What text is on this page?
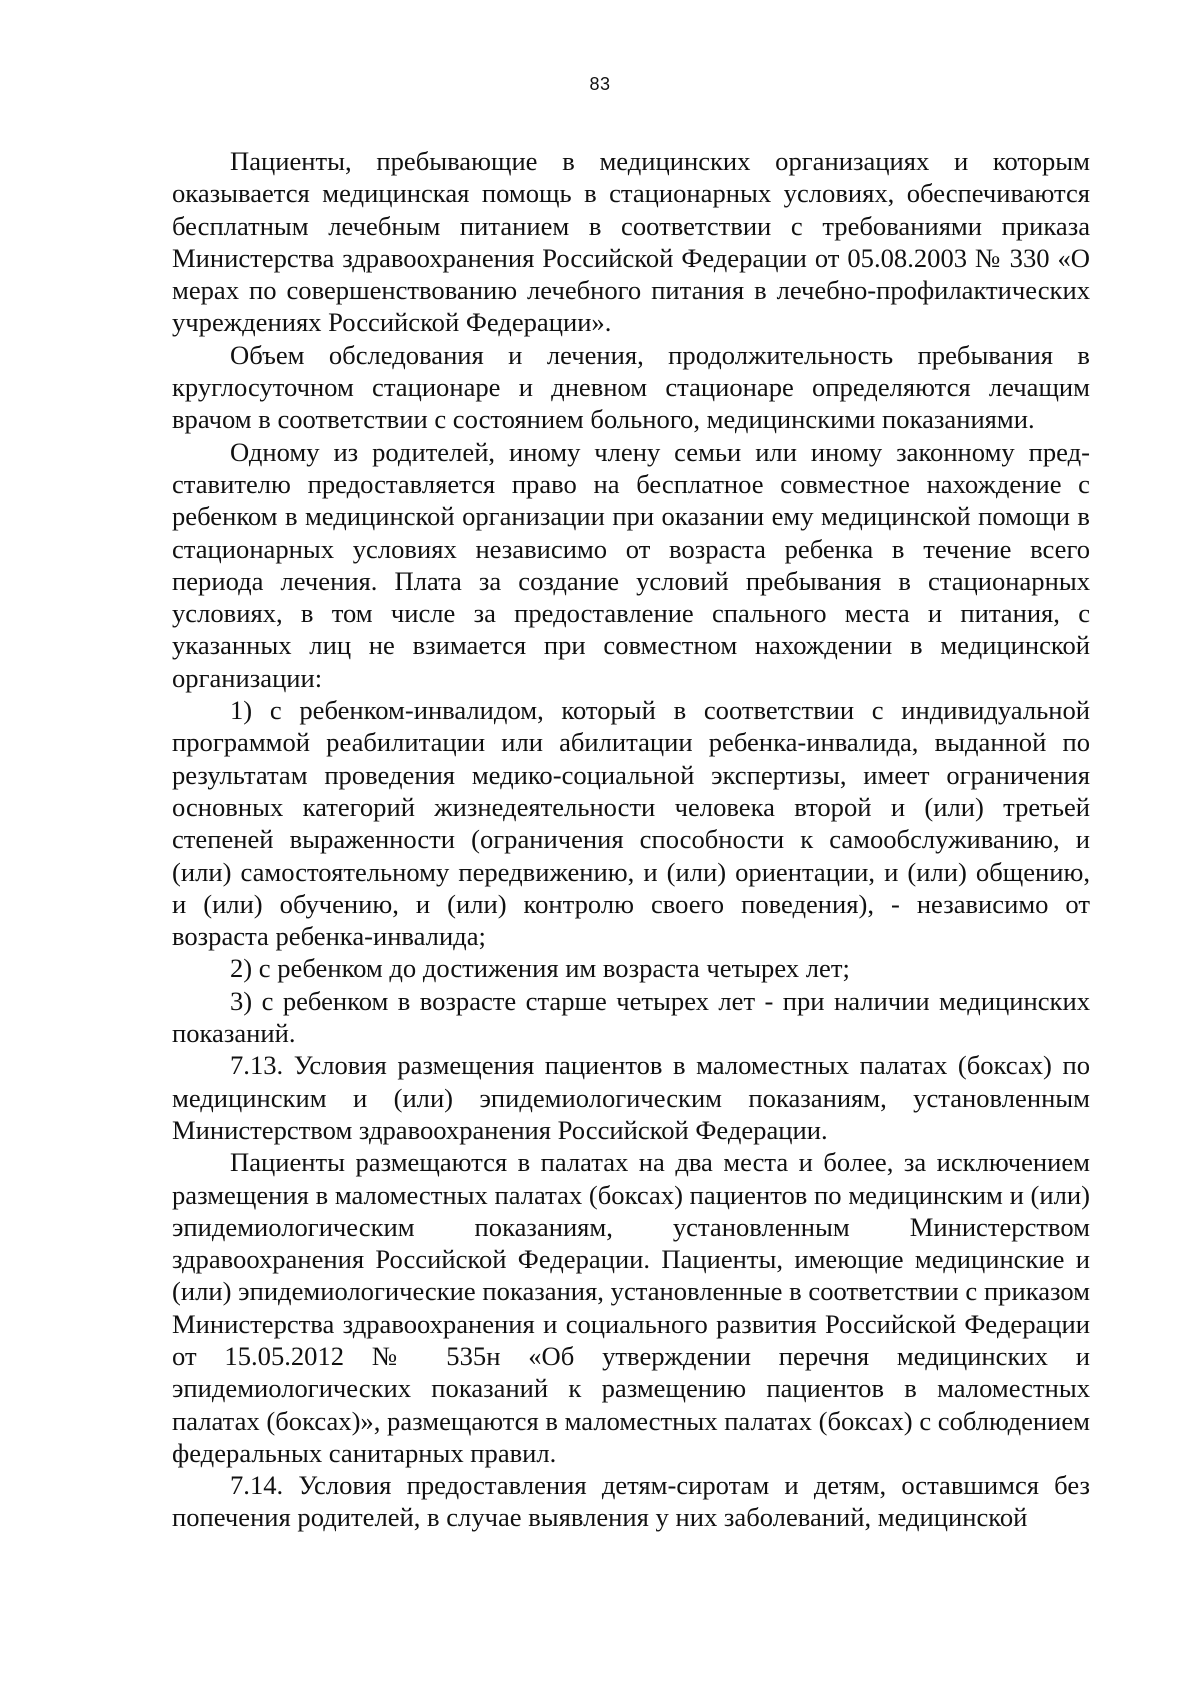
83

Пациенты, пребывающие в медицинских организациях и которым оказывается медицинская помощь в стационарных условиях, обеспечиваются бесплатным лечебным питанием в соответствии с требованиями приказа Министерства здравоохранения Российской Федерации от 05.08.2003 № 330 «О мерах по совершенствованию лечебного питания в лечебно-профилактических учреждениях Российской Федерации».

Объем обследования и лечения, продолжительность пребывания в круглосуточном стационаре и дневном стационаре определяются лечащим врачом в соответствии с состоянием больного, медицинскими показаниями.

Одному из родителей, иному члену семьи или иному законному представителю предоставляется право на бесплатное совместное нахождение с ребенком в медицинской организации при оказании ему медицинской помощи в стационарных условиях независимо от возраста ребенка в течение всего периода лечения. Плата за создание условий пребывания в стационарных условиях, в том числе за предоставление спального места и питания, с указанных лиц не взимается при совместном нахождении в медицинской организации:

1) с ребенком-инвалидом, который в соответствии с индивидуальной программой реабилитации или абилитации ребенка-инвалида, выданной по результатам проведения медико-социальной экспертизы, имеет ограничения основных категорий жизнедеятельности человека второй и (или) третьей степеней выраженности (ограничения способности к самообслуживанию, и (или) самостоятельному передвижению, и (или) ориентации, и (или) общению, и (или) обучению, и (или) контролю своего поведения), - независимо от возраста ребенка-инвалида;

2) с ребенком до достижения им возраста четырех лет;

3) с ребенком в возрасте старше четырех лет - при наличии медицинских показаний.

7.13. Условия размещения пациентов в маломестных палатах (боксах) по медицинским и (или) эпидемиологическим показаниям, установленным Министерством здравоохранения Российской Федерации.

Пациенты размещаются в палатах на два места и более, за исключением размещения в маломестных палатах (боксах) пациентов по медицинским и (или) эпидемиологическим показаниям, установленным Министерством здравоохранения Российской Федерации. Пациенты, имеющие медицинские и (или) эпидемиологические показания, установленные в соответствии с приказом Министерства здравоохранения и социального развития Российской Федерации от 15.05.2012 № 535н «Об утверждении перечня медицинских и эпидемиологических показаний к размещению пациентов в маломестных палатах (боксах)», размещаются в маломестных палатах (боксах) с соблюдением федеральных санитарных правил.

7.14. Условия предоставления детям-сиротам и детям, оставшимся без попечения родителей, в случае выявления у них заболеваний, медицинской
